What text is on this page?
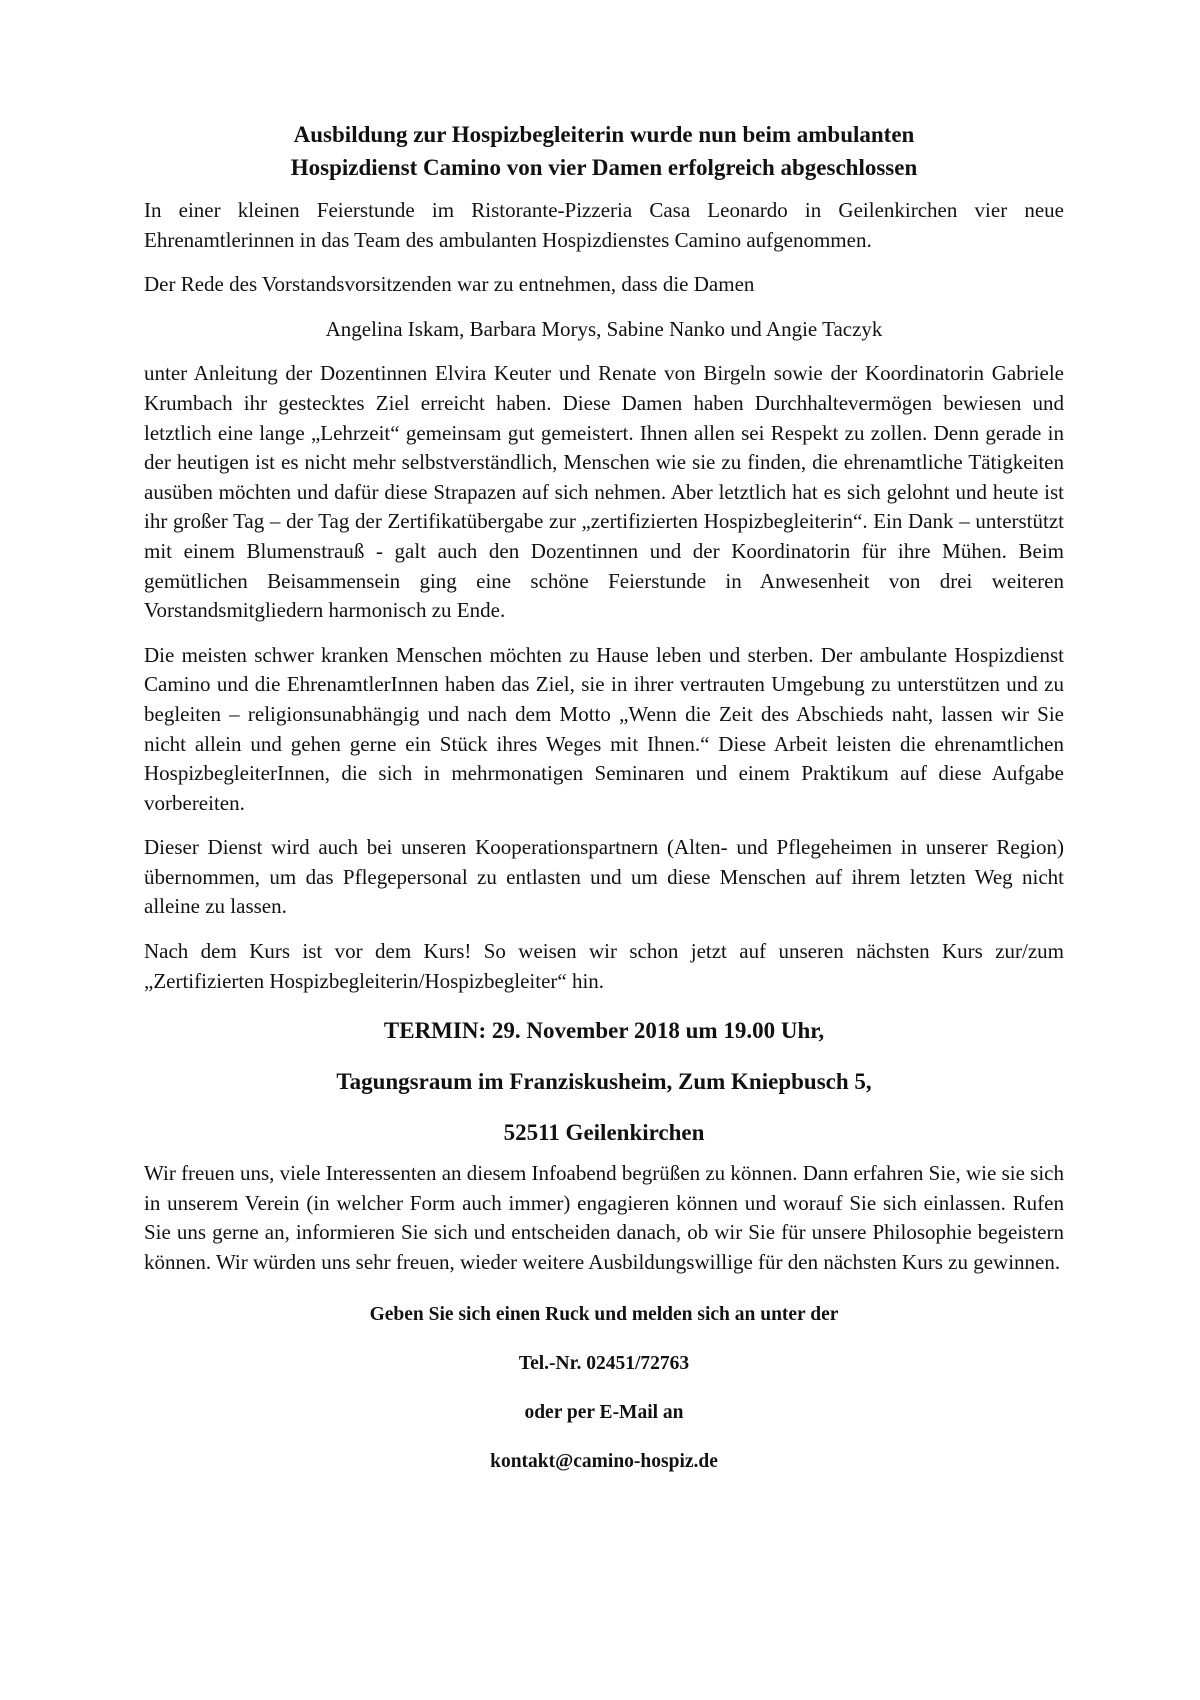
Ausbildung zur Hospizbegleiterin wurde nun beim ambulanten
Hospizdienst Camino von vier Damen erfolgreich abgeschlossen

In einer kleinen Feierstunde im Ristorante-Pizzeria Casa Leonardo in Geilenkirchen vier neue Ehrenamtlerinnen in das Team des ambulanten Hospizdienstes Camino aufgenommen.

Der Rede des Vorstandsvorsitzenden war zu entnehmen, dass die Damen

Angelina Iskam, Barbara Morys, Sabine Nanko und Angie Taczyk

unter Anleitung der Dozentinnen Elvira Keuter und Renate von Birgeln sowie der Koordinatorin Gabriele Krumbach ihr gestecktes Ziel erreicht haben. Diese Damen haben Durchhaltevermögen bewiesen und letztlich eine lange „Lehrzeit“ gemeinsam gut gemeistert. Ihnen allen sei Respekt zu zollen. Denn gerade in der heutigen ist es nicht mehr selbstverständlich, Menschen wie sie zu finden, die ehrenamtliche Tätigkeiten ausüben möchten und dafür diese Strapazen auf sich nehmen. Aber letztlich hat es sich gelohnt und heute ist ihr großer Tag – der Tag der Zertifikatübergabe zur „zertifizierten Hospizbegleiterin“. Ein Dank – unterstützt mit einem Blumenstrauß - galt auch den Dozentinnen und der Koordinatorin für ihre Mühen. Beim gemütlichen Beisammensein ging eine schöne Feierstunde in Anwesenheit von drei weiteren Vorstandsmitgliedern harmonisch zu Ende.

Die meisten schwer kranken Menschen möchten zu Hause leben und sterben. Der ambulante Hospizdienst Camino und die EhrenamtlerInnen haben das Ziel, sie in ihrer vertrauten Umgebung zu unterstützen und zu begleiten – religionsunabhängig und nach dem Motto „Wenn die Zeit des Abschieds naht, lassen wir Sie nicht allein und gehen gerne ein Stück ihres Weges mit Ihnen.“ Diese Arbeit leisten die ehrenamtlichen HospizbegleiterInnen, die sich in mehrmonatigen Seminaren und einem Praktikum auf diese Aufgabe vorbereiten.

Dieser Dienst wird auch bei unseren Kooperationspartnern (Alten- und Pflegeheimen in unserer Region) übernommen, um das Pflegepersonal zu entlasten und um diese Menschen auf ihrem letzten Weg nicht alleine zu lassen.

Nach dem Kurs ist vor dem Kurs! So weisen wir schon jetzt auf unseren nächsten Kurs zur/zum „Zertifizierten Hospizbegleiterin/Hospizbegleiter“ hin.

TERMIN: 29. November 2018 um 19.00 Uhr,
Tagungsraum im Franziskusheim, Zum Kniepbusch 5,
52511 Geilenkirchen

Wir freuen uns, viele Interessenten an diesem Infoabend begrüßen zu können. Dann erfahren Sie, wie sie sich in unserem Verein (in welcher Form auch immer) engagieren können und worauf Sie sich einlassen. Rufen Sie uns gerne an, informieren Sie sich und entscheiden danach, ob wir Sie für unsere Philosophie begeistern können. Wir würden uns sehr freuen, wieder weitere Ausbildungswillige für den nächsten Kurs zu gewinnen.

Geben Sie sich einen Ruck und melden sich an unter der
Tel.-Nr. 02451/72763
oder per E-Mail an
kontakt@camino-hospiz.de
